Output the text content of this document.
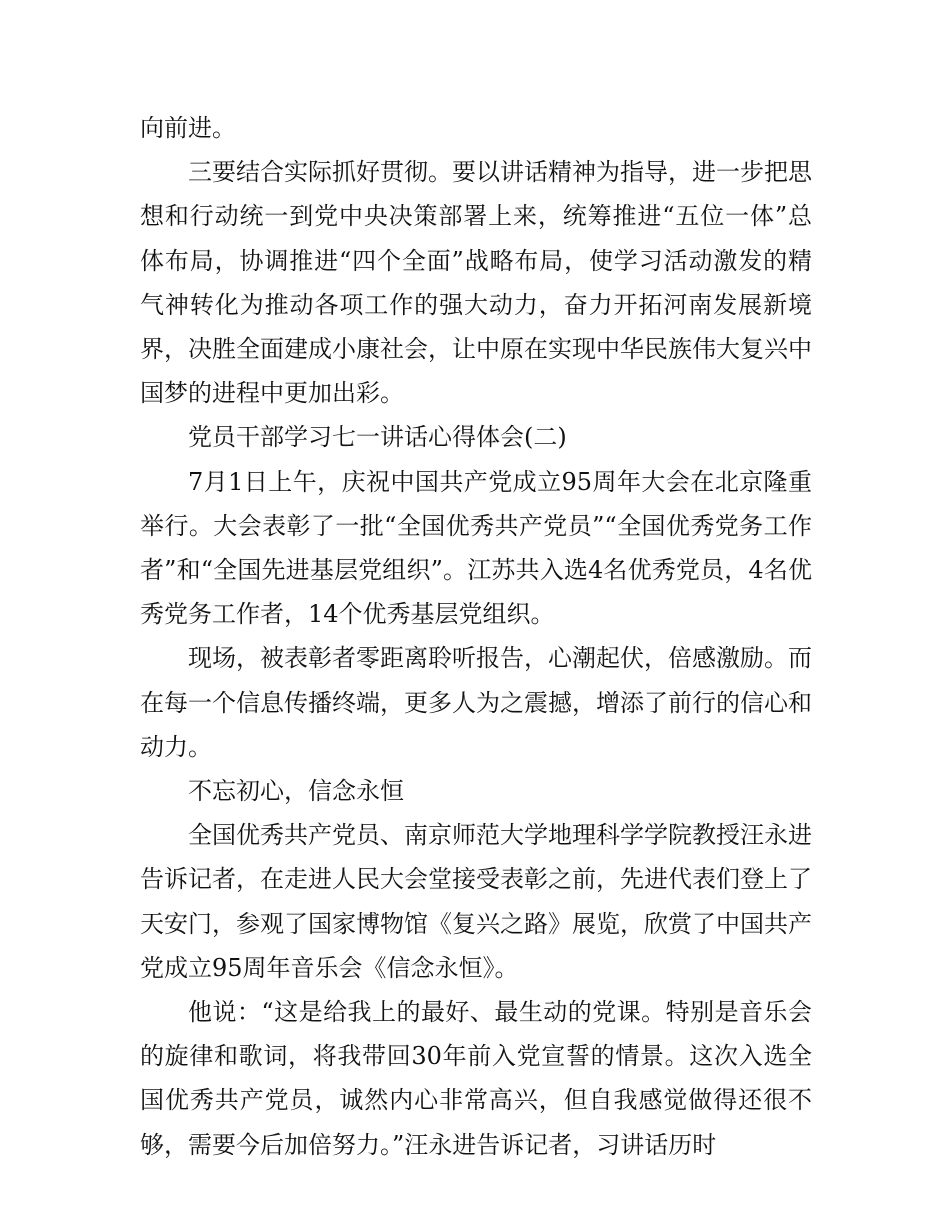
向前进。

三要结合实际抓好贯彻。要以讲话精神为指导，进一步把思想和行动统一到党中央决策部署上来，统筹推进“五位一体”总体布局，协调推进“四个全面”战略布局，使学习活动激发的精气神转化为推动各项工作的强大动力，奋力开拓河南发展新境界，决胜全面建成小康社会，让中原在实现中华民族伟大复兴中国梦的进程中更加出彩。

党员干部学习七一讲话心得体会(二)

7月1日上午，庆祝中国共产党成立95周年大会在北京隆重举行。大会表彰了一批“全国优秀共产党员”“全国优秀党务工作者”和“全国先进基层党组织”。江苏共入选4名优秀党员，4名优秀党务工作者，14个优秀基层党组织。

现场，被表彰者零距离聆听报告，心潮起伏，倍感激励。而在每一个信息传播终端，更多人为之震撼，增添了前行的信心和动力。

不忘初心，信念永恒

全国优秀共产党员、南京师范大学地理科学学院教授汪永进告诉记者，在走进人民大会堂接受表彰之前，先进代表们登上了天安门，参观了国家博物馆《复兴之路》展览，欣赏了中国共产党成立95周年音乐会《信念永恒》。

他说：“这是给我上的最好、最生动的党课。特别是音乐会的旋律和歌词，将我带回30年前入党宣誓的情景。这次入选全国优秀共产党员，诚然内心非常高兴，但自我感觉做得还很不够，需要今后加倍努力。”汪永进告诉记者，习讲话历时
